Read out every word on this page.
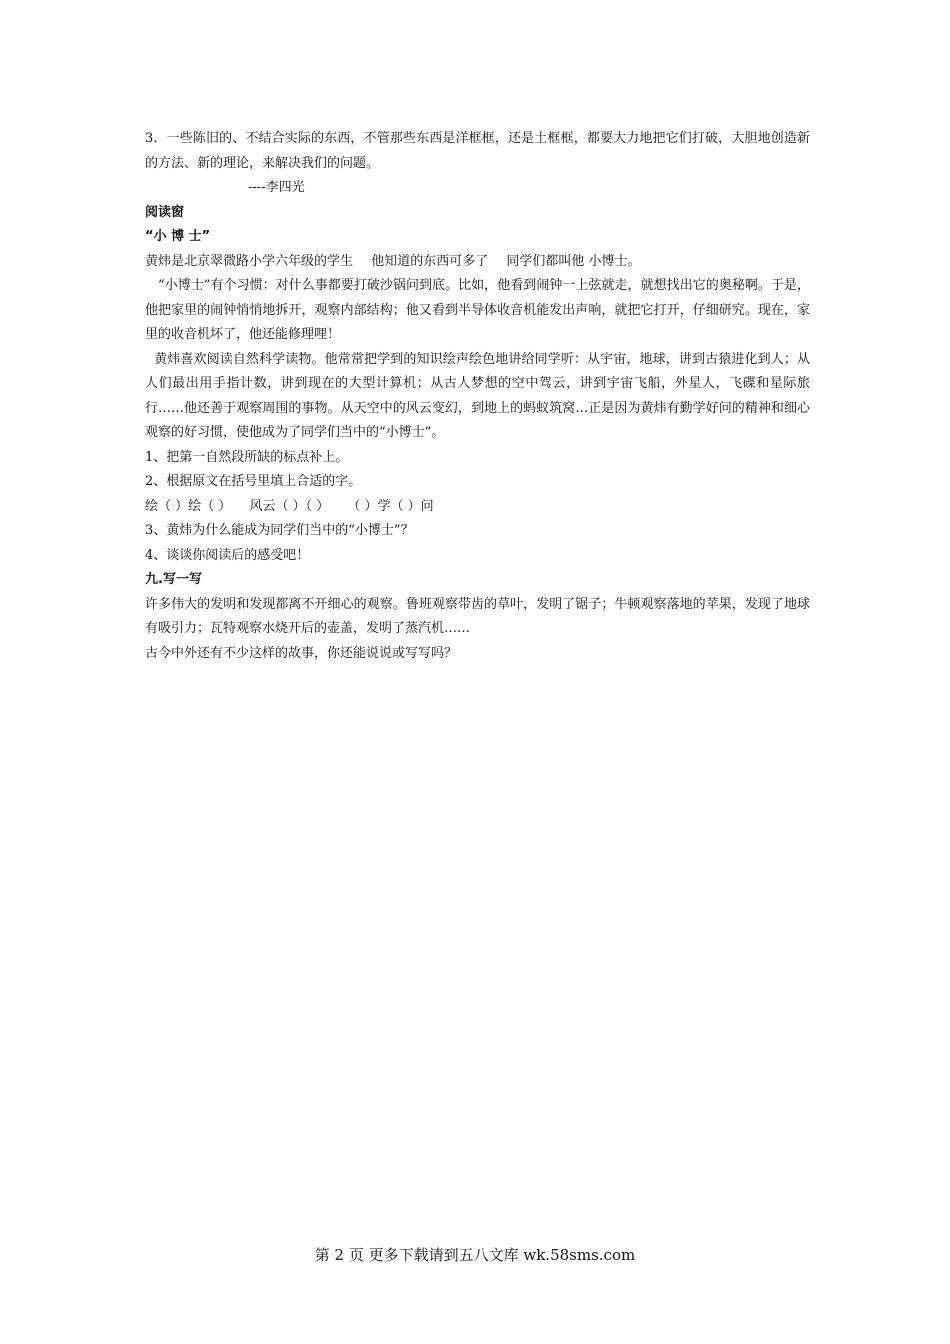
3．一些陈旧的、不结合实际的东西，不管那些东西是洋框框，还是土框框，都要大力地把它们打破，大胆地创造新的方法、新的理论，来解决我们的问题。

----李四光

阅读窗

“小 博 士”

黄炜是北京翠微路小学六年级的学生 他知道的东西可多了 同学们都叫他 小博士。

“小博士”有个习惯：对什么事都要打破沙锅问到底。比如，他看到闹钟一上弦就走，就想找出它的奥秘啊。于是，他把家里的闹钟悄悄地拆开，观察内部结构；他又看到半导体收音机能发出声响，就把它打开，仔细研究。现在，家里的收音机坏了，他还能修理哩！

黄炜喜欢阅读自然科学读物。他常常把学到的知识绘声绘色地讲给同学听：从宇宙，地球，讲到古猿进化到人；从人们最出用手指计数，讲到现在的大型计算机；从古人梦想的空中驾云，讲到宇宙飞船，外星人，飞碟和星际旅行……他还善于观察周围的事物。从天空中的风云变幻，到地上的蚂蚁筑窝…正是因为黄炜有勤学好问的精神和细心观察的好习惯，使他成为了同学们当中的“小博士”。

1、把第一自然段所缺的标点补上。

2、根据原文在括号里填上合适的字。

绘（ ）绘（ ） 风云（ ）（ ） （ ）学（ ）问

3、黄炜为什么能成为同学们当中的“小博士”？

4、谈谈你阅读后的感受吧！

九.写一写

许多伟大的发明和发现都离不开细心的观察。鲁班观察带齿的草叶，发明了锯子；牛顿观察落地的苹果，发现了地球有吸引力；瓦特观察水烧开后的壶盖，发明了蒸汽机……

古今中外还有不少这样的故事，你还能说说或写写吗？

第 2 页 更多下载请到五八文库 wk.58sms.com
